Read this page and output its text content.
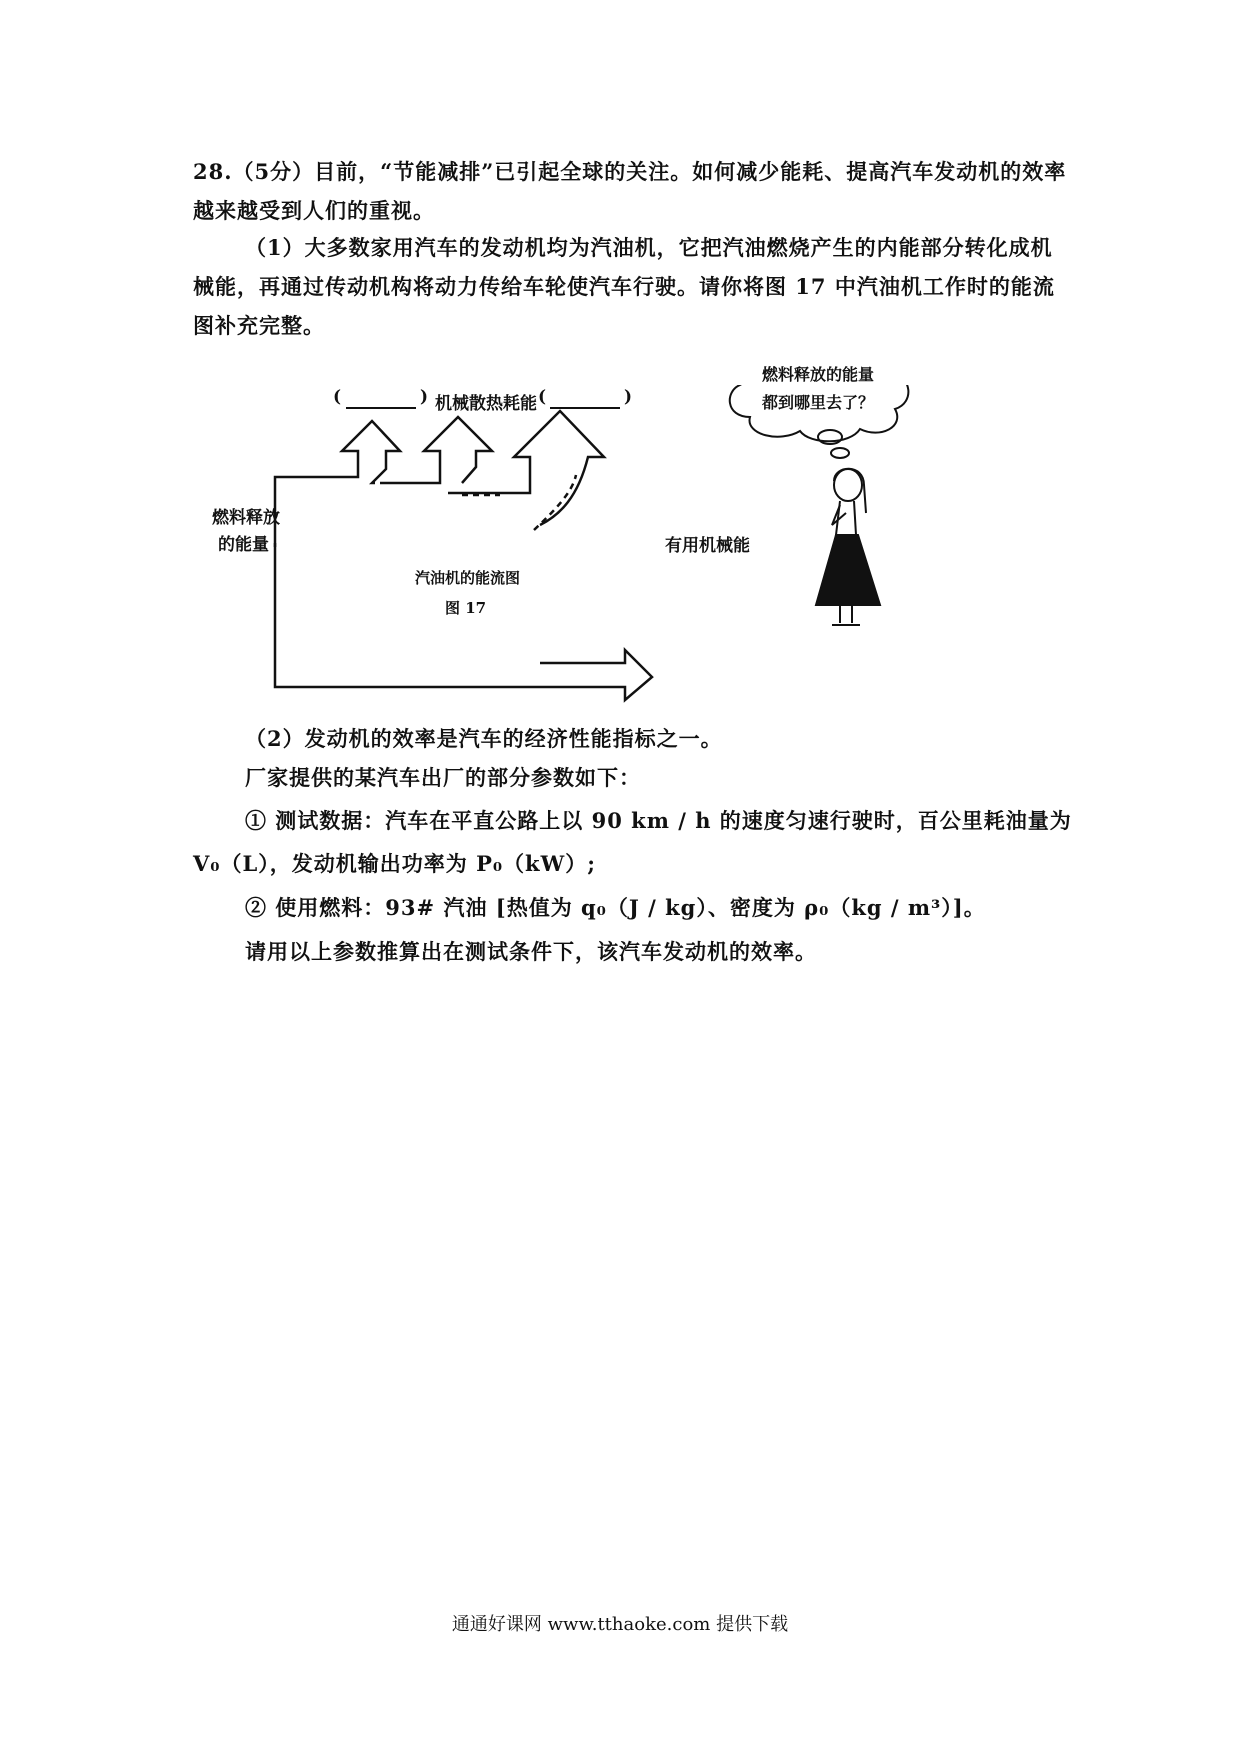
28.（5分）目前，“节能减排”已引起全球的关注。如何减少能耗、提高汽车发动机的效率越来越受到人们的重视。

（1）大多数家用汽车的发动机均为汽油机，它把汽油燃烧产生的内能部分转化成机械能，再通过传动机构将动力传给车轮使汽车行驶。请你将图 17 中汽油机工作时的能流图补充完整。

(	) 机械散热耗能 (	)
燃料释放
的能量	有用机械能
汽油机的能流图
图 17
燃料释放的能量
都到哪里去了？
（2）发动机的效率是汽车的经济性能指标之一。
厂家提供的某汽车出厂的部分参数如下：
① 测试数据：汽车在平直公路上以 90 km / h 的速度匀速行驶时，百公里耗油量为
V₀（L），发动机输出功率为 P₀（kW）;
② 使用燃料：93# 汽油 [热值为 q₀（J / kg）、密度为 ρ₀（kg / m³）]。
请用以上参数推算出在测试条件下，该汽车发动机的效率。
通通好课网 www.tthaoke.com 提供下载
